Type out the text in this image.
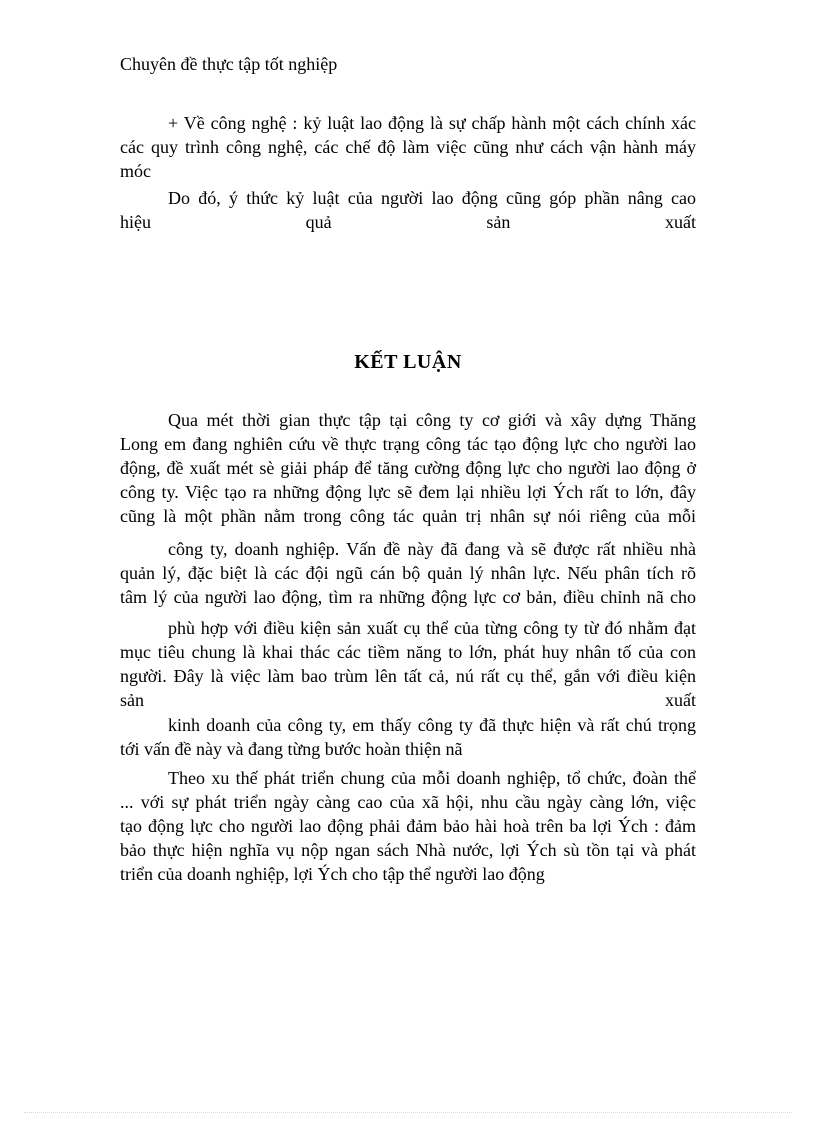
Chuyên đề thực tập tốt nghiệp
+ Về công nghệ : kỷ luật lao động là sự chấp hành một cách chính xác
các quy trình công nghệ, các chế độ làm việc cũng như cách vận hành máy
móc
Do đó, ý thức kỷ luật của người lao động cũng góp phần nâng cao
hiệu quả sản xuất
KẾT LUẬN
Qua mét thời gian thực tập tại công ty cơ giới và xây dựng Thăng
Long em đang nghiên cứu về thực trạng công tác tạo động lực cho người lao
động, đề xuất mét sè giải pháp để tăng cường động lực cho người lao động ở
công ty. Việc tạo ra những động lực sẽ đem lại nhiều lợi Ých rất to lớn, đây
cũng là một phần nằm trong công tác quản trị nhân sự nói riêng của mỗi
công ty, doanh nghiệp. Vấn đề này đã đang và sẽ được rất nhiều nhà
quản lý, đặc biệt là các đội ngũ cán bộ quản lý nhân lực. Nếu phân tích rõ
tâm lý của người lao động, tìm ra những động lực cơ bản, điều chỉnh nã cho
phù hợp với điều kiện sản xuất cụ thể của từng công ty từ đó nhằm đạt
mục tiêu chung là khai thác các tiềm năng to lớn, phát huy nhân tố của con
người. Đây là việc làm bao trùm lên tất cả, nú rất cụ thể, gắn với điều kiện
sản xuất
kinh doanh của công ty, em thấy công ty đã thực hiện và rất chú trọng
tới vấn đề này và đang từng bước hoàn thiện nã
Theo xu thế phát triển chung của mỗi doanh nghiệp, tổ chức, đoàn thể
... với sự phát triển ngày càng cao của xã hội, nhu cầu ngày càng lớn, việc
tạo động lực cho người lao động phải đảm bảo hài hoà trên ba lợi Ých : đảm
bảo thực hiện nghĩa vụ nộp ngan sách Nhà nước, lợi Ých sù tồn tại và phát
triển của doanh nghiệp, lợi Ých cho tập thể người lao động
